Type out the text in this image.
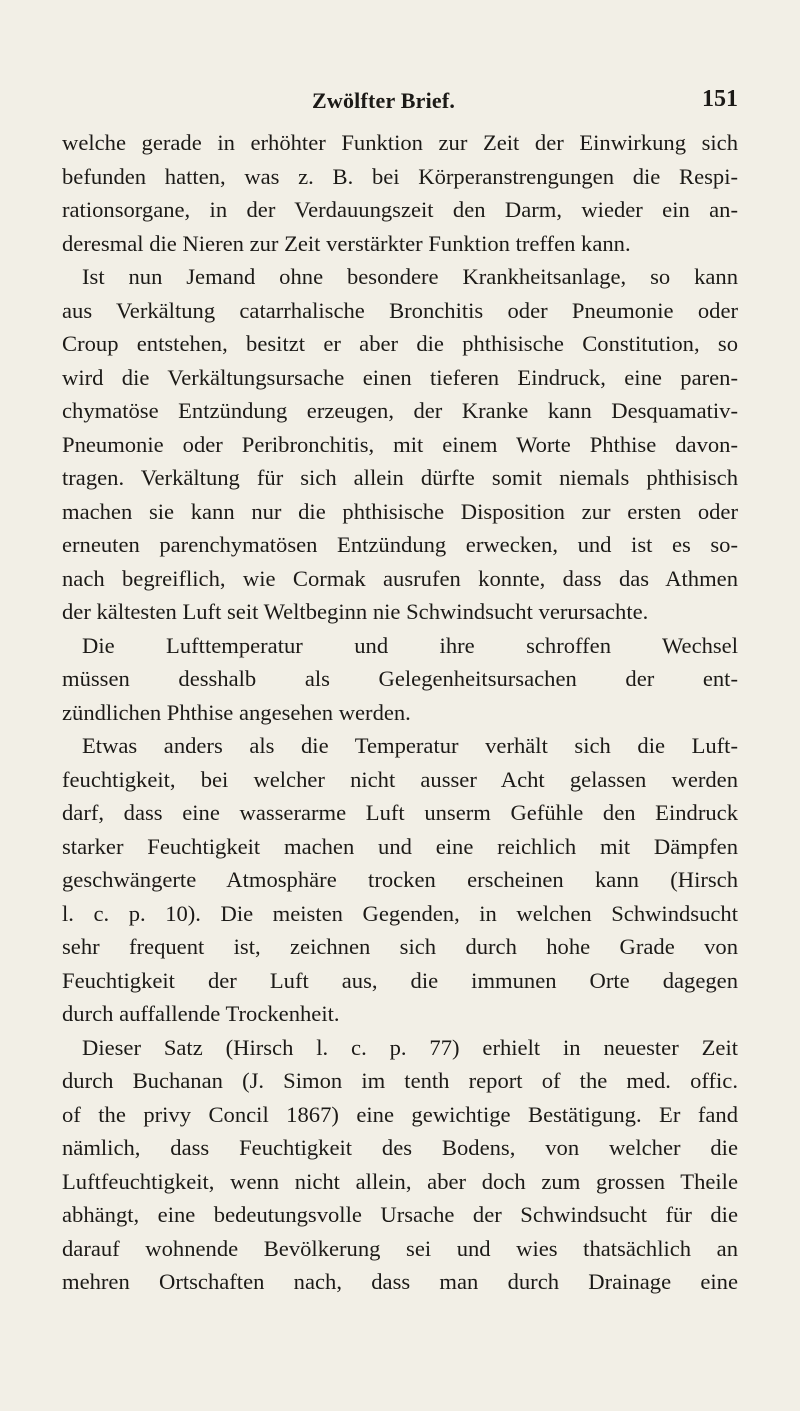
Zwölfter Brief.	151
welche gerade in erhöhter Funktion zur Zeit der Einwirkung sich
befunden hatten, was z. B. bei Körperanstrengungen die Respi-
rationsorgane, in der Verdauungszeit den Darm, wieder ein an-
deresmal die Nieren zur Zeit verstärkter Funktion treffen kann.
Ist nun Jemand ohne besondere Krankheitsanlage, so kann
aus Verkältung catarrhalische Bronchitis oder Pneumonie oder
Croup entstehen, besitzt er aber die phthisische Constitution, so
wird die Verkältungsursache einen tieferen Eindruck, eine paren-
chymatöse Entzündung erzeugen, der Kranke kann Desquamativ-
Pneumonie oder Peribronchitis, mit einem Worte Phthise davon-
tragen. Verkältung für sich allein dürfte somit niemals phthisisch
machen sie kann nur die phthisische Disposition zur ersten oder
erneuten parenchymatösen Entzündung erwecken, und ist es so-
nach begreiflich, wie Cormak ausrufen konnte, dass das Athmen
der kältesten Luft seit Weltbeginn nie Schwindsucht verursachte.
Die Lufttemperatur und ihre schroffen Wechsel
müssen desshalb als Gelegenheitsursachen der ent-
zündlichen Phthise angesehen werden.
Etwas anders als die Temperatur verhält sich die Luft-
feuchtigkeit, bei welcher nicht ausser Acht gelassen werden
darf, dass eine wasserarme Luft unserm Gefühle den Eindruck
starker Feuchtigkeit machen und eine reichlich mit Dämpfen
geschwängerte Atmosphäre trocken erscheinen kann (Hirsch
l. c. p. 10). Die meisten Gegenden, in welchen Schwindsucht
sehr frequent ist, zeichnen sich durch hohe Grade von
Feuchtigkeit der Luft aus, die immunen Orte dagegen
durch auffallende Trockenheit.
Dieser Satz (Hirsch l. c. p. 77) erhielt in neuester Zeit
durch Buchanan (J. Simon im tenth report of the med. offic.
of the privy Concil 1867) eine gewichtige Bestätigung. Er fand
nämlich, dass Feuchtigkeit des Bodens, von welcher die
Luftfeuchtigkeit, wenn nicht allein, aber doch zum grossen Theile
abhängt, eine bedeutungsvolle Ursache der Schwindsucht für die
darauf wohnende Bevölkerung sei und wies thatsächlich an
mehren Ortschaften nach, dass man durch Drainage eine
